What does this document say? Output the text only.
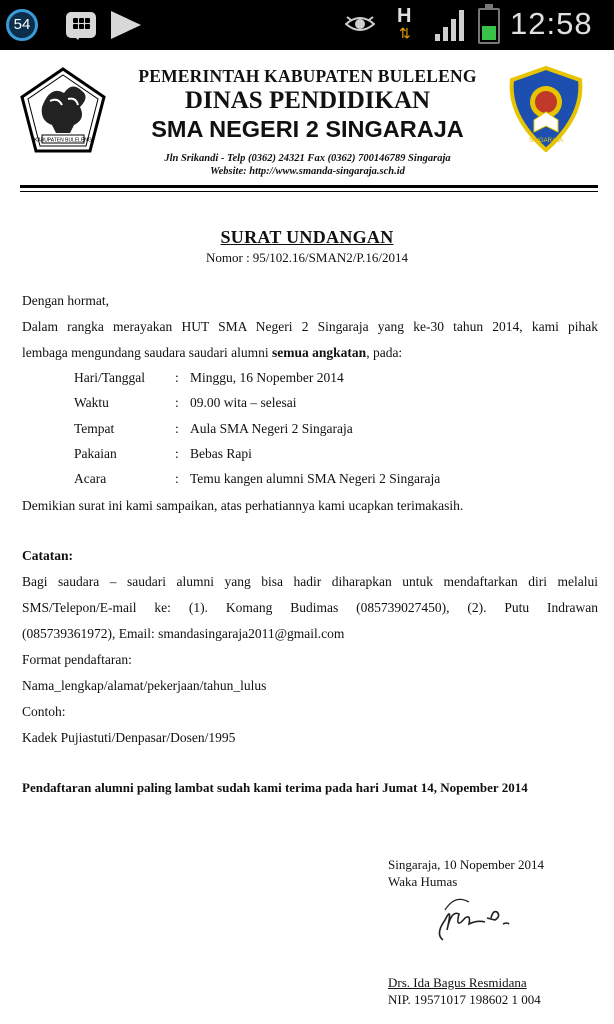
54	H
⇅	12:58
KABUPATEN BULELENG	SINGARAJA
PEMERINTAH KABUPATEN BULELENG
DINAS PENDIDIKAN
SMA NEGERI 2 SINGARAJA
Jln Srikandi - Telp (0362) 24321 Fax (0362) 700146789 Singaraja
Website: http://www.smanda-singaraja.sch.id
SURAT UNDANGAN
Nomor : 95/102.16/SMAN2/P.16/2014
Dengan hormat,
Dalam rangka merayakan HUT SMA Negeri 2 Singaraja yang ke-30 tahun 2014, kami pihak
lembaga mengundang saudara saudari alumni semua angkatan, pada:
Hari/Tanggal : Minggu, 16 Nopember 2014
Waktu	: 09.00 wita – selesai
Tempat	: Aula SMA Negeri 2 Singaraja
Pakaian	: Bebas Rapi
Acara	: Temu kangen alumni SMA Negeri 2 Singaraja
Demikian surat ini kami sampaikan, atas perhatiannya kami ucapkan terimakasih.
Catatan:
Bagi saudara – saudari alumni yang bisa hadir diharapkan untuk mendaftarkan diri melalui
SMS/Telepon/E-mail ke: (1). Komang Budimas (085739027450), (2). Putu Indrawan
(085739361972), Email: smandasingaraja2011@gmail.com
Format pendaftaran:
Nama_lengkap/alamat/pekerjaan/tahun_lulus
Contoh:
Kadek Pujiastuti/Denpasar/Dosen/1995
Pendaftaran alumni paling lambat sudah kami terima pada hari Jumat 14, Nopember 2014
Singaraja, 10 Nopember 2014
Waka Humas
Drs. Ida Bagus Resmidana
NIP. 19571017 198602 1 004
